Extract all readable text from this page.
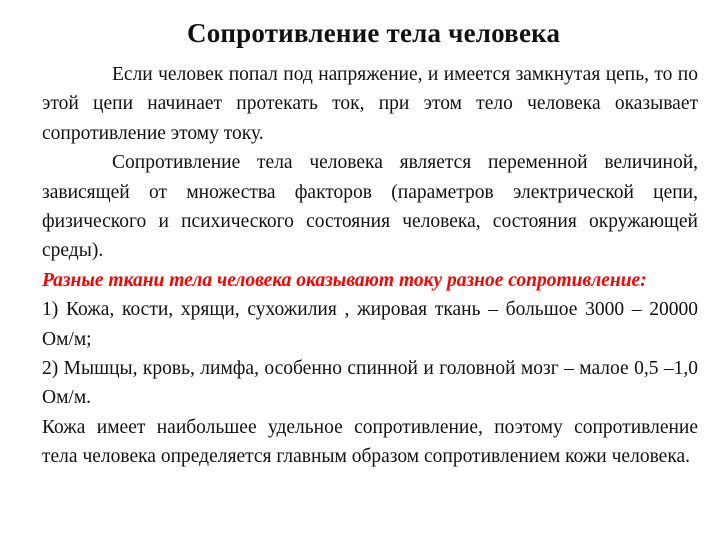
Сопротивление тела человека

Если человек попал под напряжение, и имеется замкнутая цепь, то по этой цепи начинает протекать ток, при этом тело человека оказывает сопротивление этому току.

Сопротивление тела человека является переменной величиной, зависящей от множества факторов (параметров электрической цепи, физического и психического состояния человека, состояния окружающей среды).

Разные ткани тела человека оказывают току разное сопротивление:

1) Кожа, кости, хрящи, сухожилия , жировая ткань – большое 3000 – 20000 Ом/м;

2) Мышцы, кровь, лимфа, особенно спинной и головной мозг – малое 0,5 –1,0 Ом/м.

Кожа имеет наибольшее удельное сопротивление, поэтому сопротивление тела человека определяется главным образом сопротивлением кожи человека.
